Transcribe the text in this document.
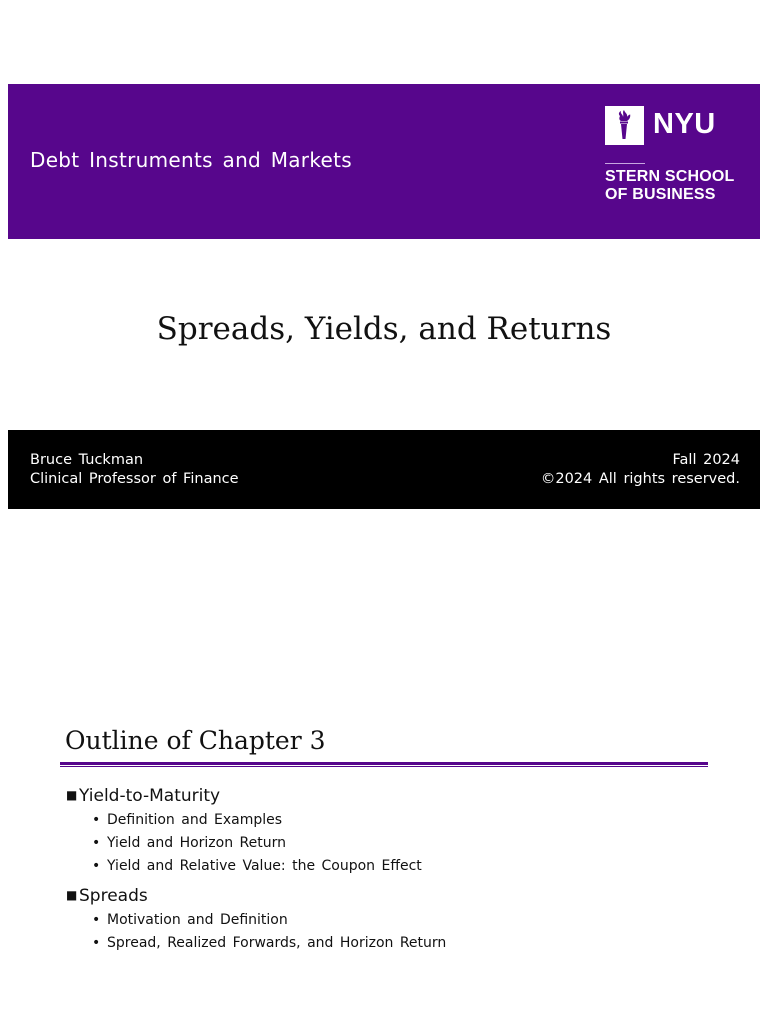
Debt Instruments and Markets
NYU
STERN SCHOOL
OF BUSINESS
Spreads, Yields, and Returns
Bruce Tuckman
Clinical Professor of Finance
Fall 2024
©2024 All rights reserved.
Outline of Chapter 3
■Yield-to-Maturity
• Definition and Examples
• Yield and Horizon Return
• Yield and Relative Value: the Coupon Effect
■Spreads
• Motivation and Definition
• Spread, Realized Forwards, and Horizon Return
